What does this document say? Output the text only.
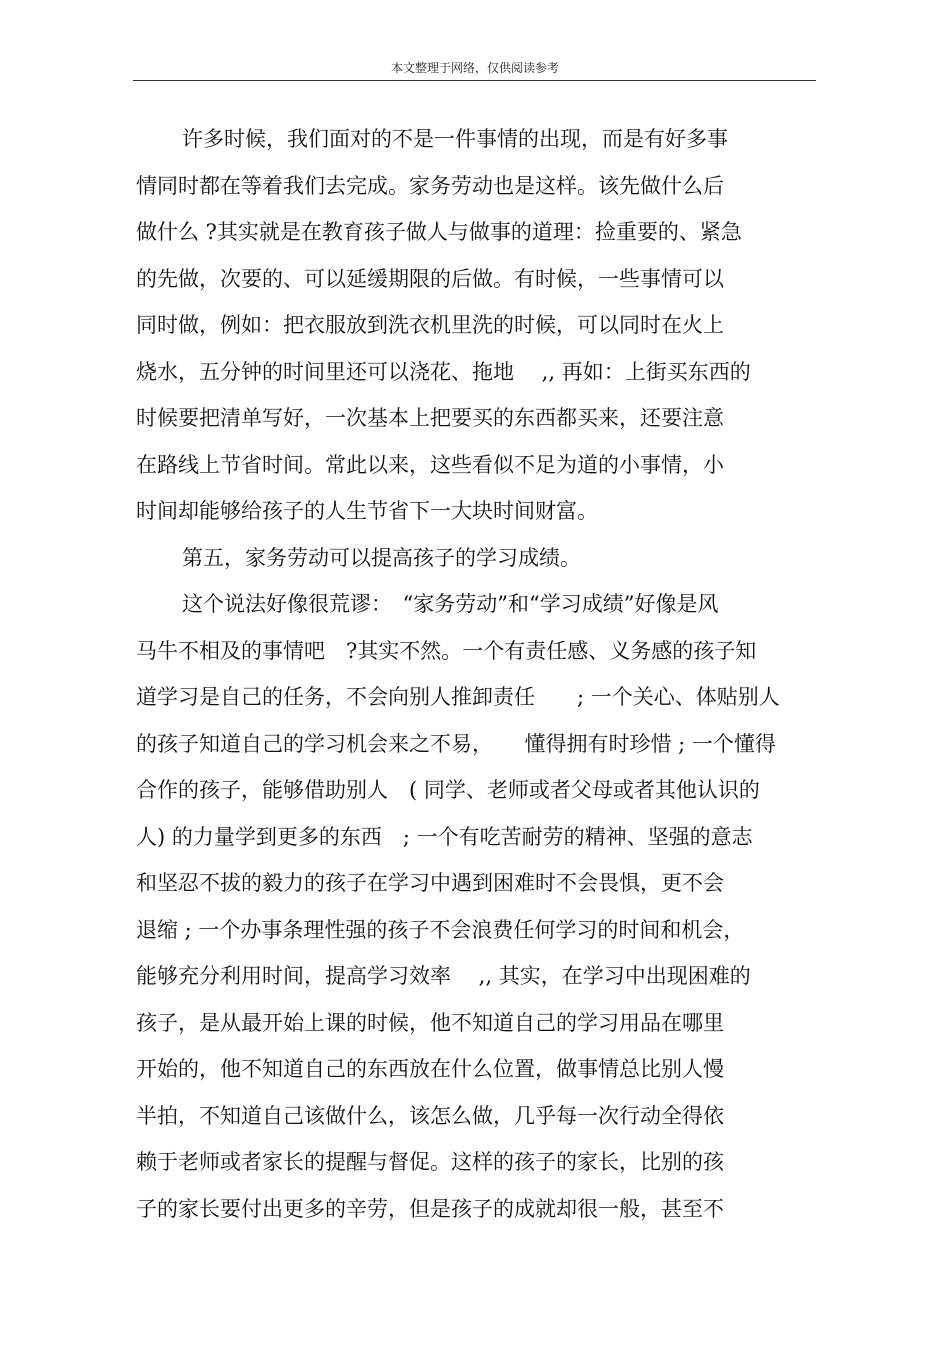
本文整理于网络，仅供阅读参考
许多时候，我们面对的不是一件事情的出现，而是有好多事
情同时都在等着我们去完成。家务劳动也是这样。该先做什么后
做什么 ?其实就是在教育孩子做人与做事的道理：捡重要的、紧急
的先做，次要的、可以延缓期限的后做。有时候，一些事情可以
同时做，例如：把衣服放到洗衣机里洗的时候，可以同时在火上
烧水，五分钟的时间里还可以浇花、拖地　 ,, 再如：上街买东西的
时候要把清单写好，一次基本上把要买的东西都买来，还要注意
在路线上节省时间。常此以来，这些看似不足为道的小事情，小
时间却能够给孩子的人生节省下一大块时间财富。
第五，家务劳动可以提高孩子的学习成绩。
这个说法好像很荒谬：　“家务劳动”和“学习成绩”好像是风
马牛不相及的事情吧　?其实不然。一个有责任感、义务感的孩子知
道学习是自己的任务，不会向别人推卸责任　　; 一个关心、体贴别人
的孩子知道自己的学习机会来之不易，　　懂得拥有时珍惜 ; 一个懂得
合作的孩子，能够借助别人　( 同学、老师或者父母或者其他认识的
人) 的力量学到更多的东西　; 一个有吃苦耐劳的精神、坚强的意志
和坚忍不拔的毅力的孩子在学习中遇到困难时不会畏惧，更不会
退缩 ; 一个办事条理性强的孩子不会浪费任何学习的时间和机会，
能够充分利用时间，提高学习效率　 ,, 其实，在学习中出现困难的
孩子，是从最开始上课的时候，他不知道自己的学习用品在哪里
开始的，他不知道自己的东西放在什么位置，做事情总比别人慢
半拍，不知道自己该做什么，该怎么做，几乎每一次行动全得依
赖于老师或者家长的提醒与督促。这样的孩子的家长，比别的孩
子的家长要付出更多的辛劳，但是孩子的成就却很一般，甚至不
